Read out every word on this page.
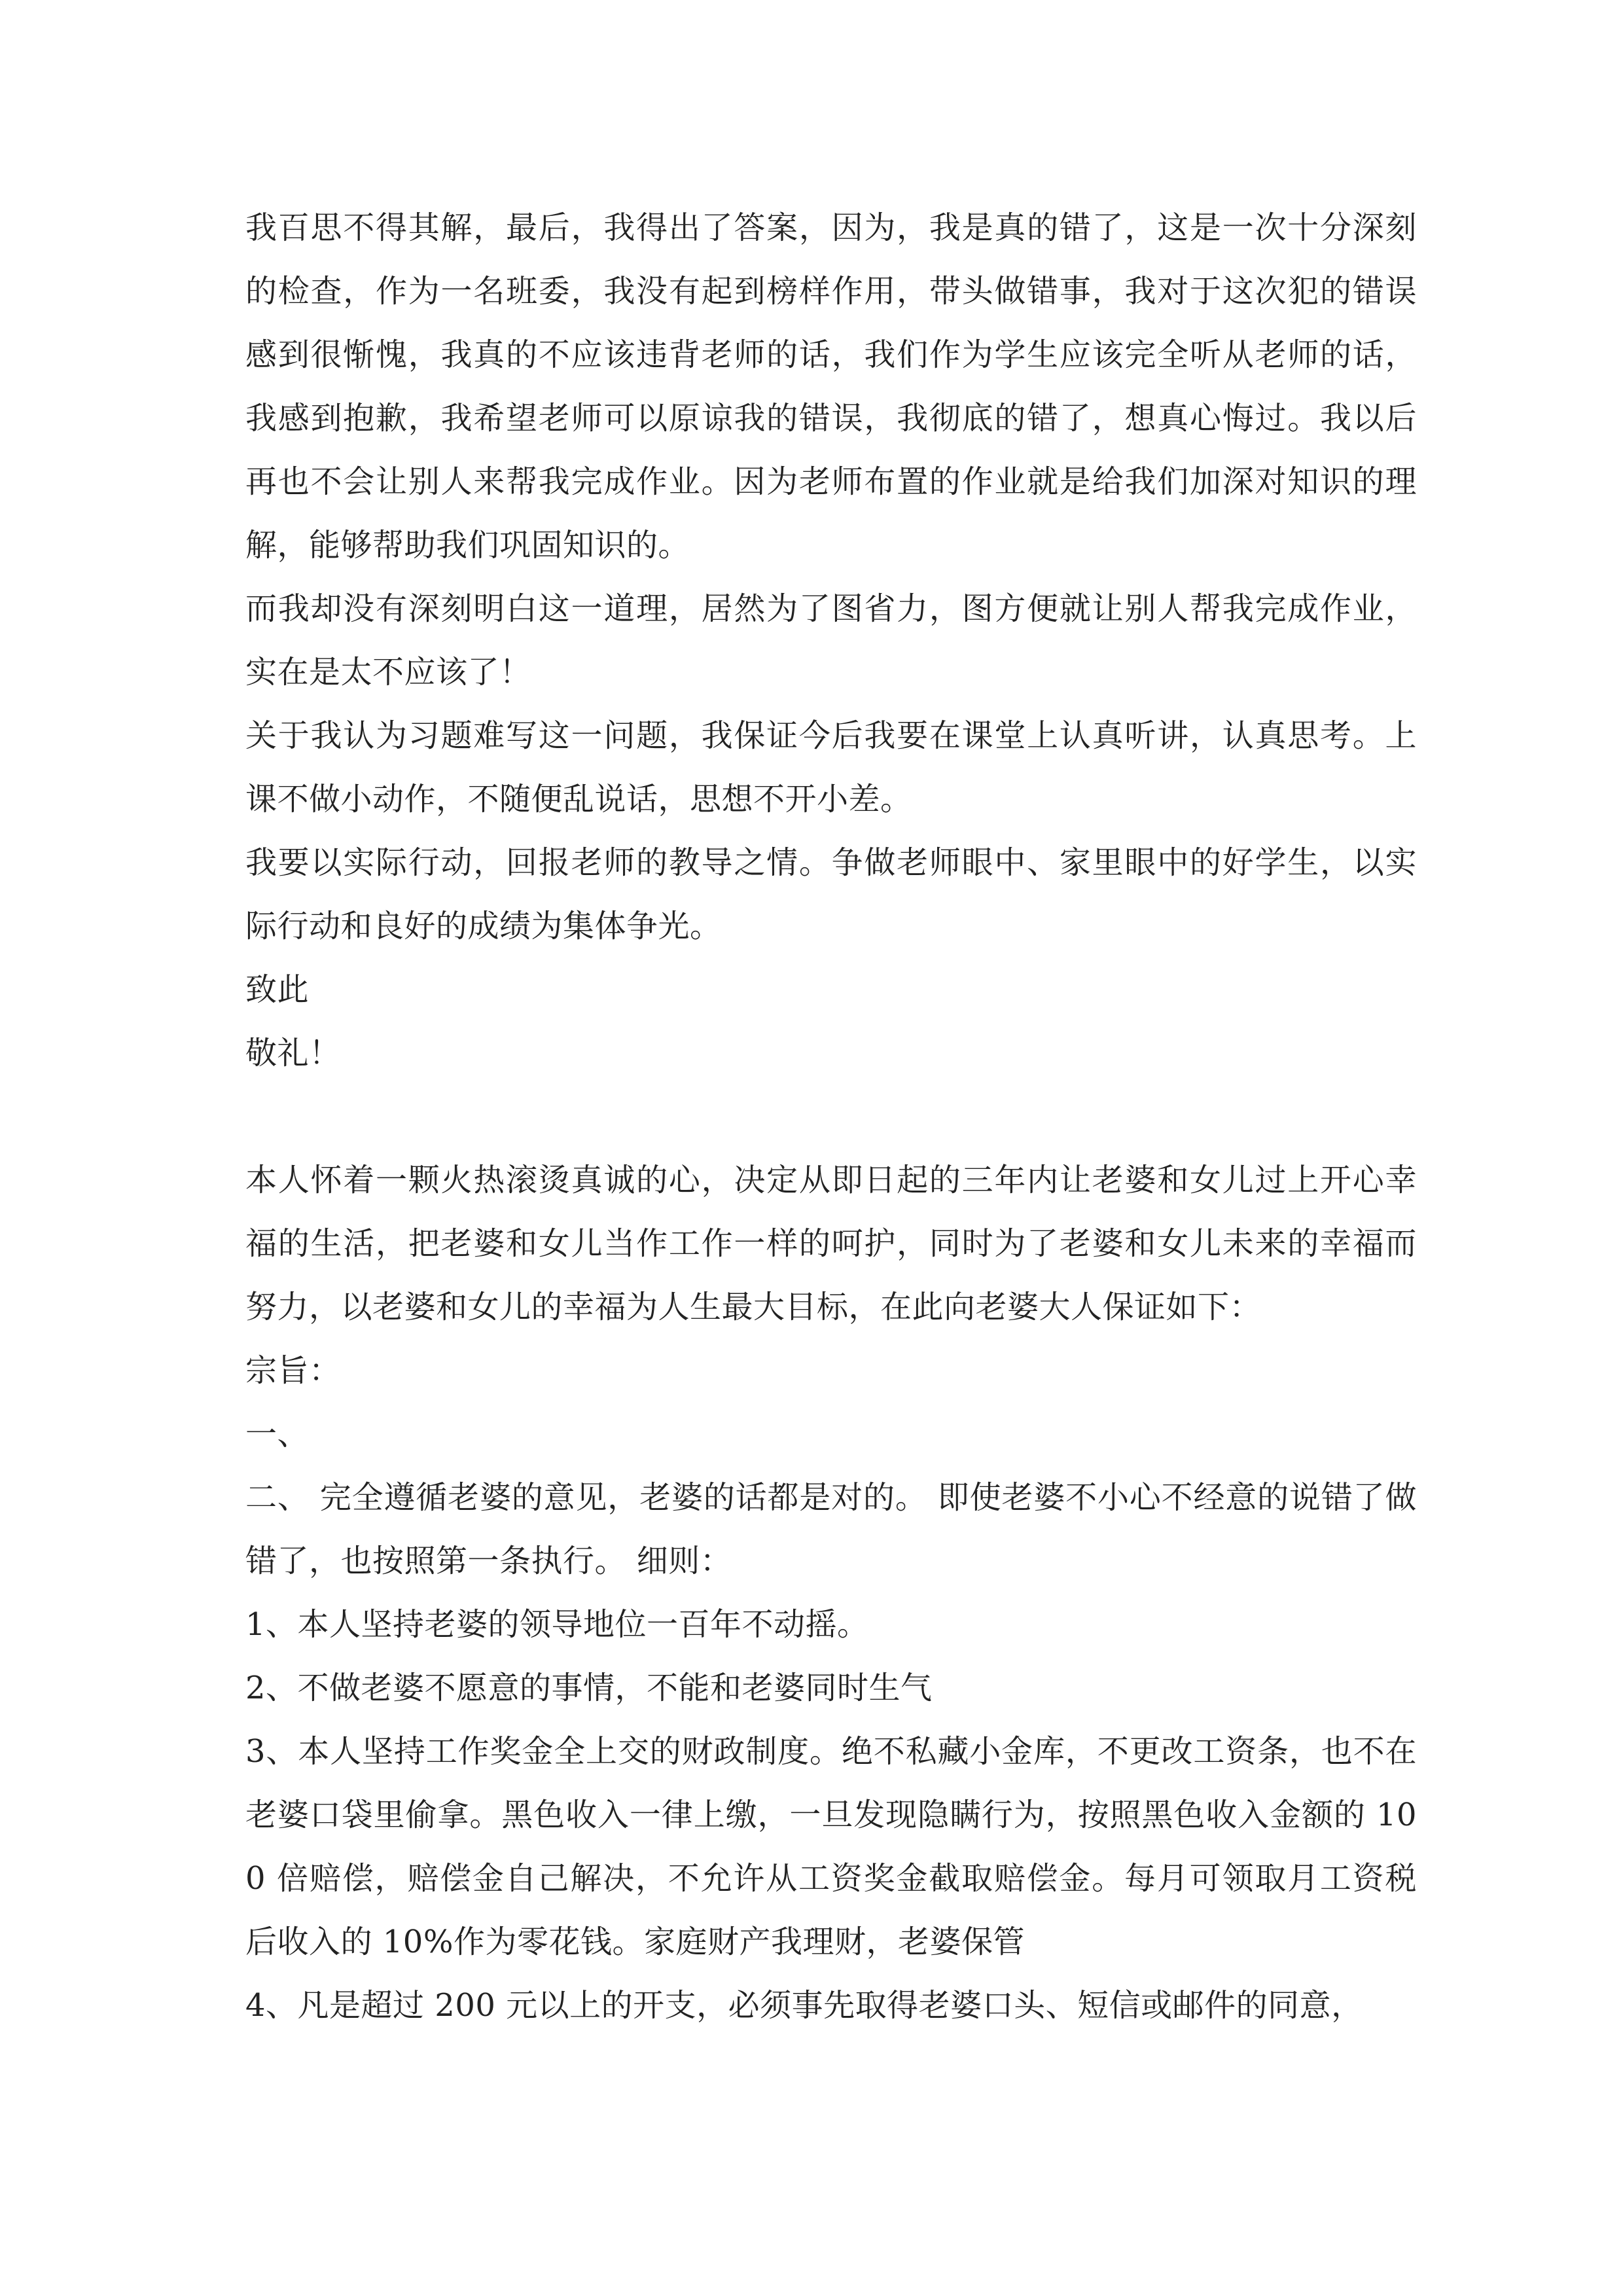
我百思不得其解，最后，我得出了答案，因为，我是真的错了，这是一次十分深刻的检查，作为一名班委，我没有起到榜样作用，带头做错事，我对于这次犯的错误感到很惭愧，我真的不应该违背老师的话，我们作为学生应该完全听从老师的话，我感到抱歉，我希望老师可以原谅我的错误，我彻底的错了，想真心悔过。我以后再也不会让别人来帮我完成作业。因为老师布置的作业就是给我们加深对知识的理解，能够帮助我们巩固知识的。

而我却没有深刻明白这一道理，居然为了图省力，图方便就让别人帮我完成作业，实在是太不应该了！

关于我认为习题难写这一问题，我保证今后我要在课堂上认真听讲，认真思考。上课不做小动作，不随便乱说话，思想不开小差。

我要以实际行动，回报老师的教导之情。争做老师眼中、家里眼中的好学生，以实际行动和良好的成绩为集体争光。

致此

敬礼！

本人怀着一颗火热滚烫真诚的心，决定从即日起的三年内让老婆和女儿过上开心幸福的生活，把老婆和女儿当作工作一样的呵护，同时为了老婆和女儿未来的幸福而努力，以老婆和女儿的幸福为人生最大目标，在此向老婆大人保证如下：

宗旨：

一、

二、 完全遵循老婆的意见，老婆的话都是对的。 即使老婆不小心不经意的说错了做错了，也按照第一条执行。 细则：

1、本人坚持老婆的领导地位一百年不动摇。

2、不做老婆不愿意的事情，不能和老婆同时生气

3、本人坚持工作奖金全上交的财政制度。绝不私藏小金库，不更改工资条，也不在老婆口袋里偷拿。黑色收入一律上缴，一旦发现隐瞒行为，按照黑色收入金额的 100 倍赔偿，赔偿金自己解决，不允许从工资奖金截取赔偿金。每月可领取月工资税后收入的 10%作为零花钱。家庭财产我理财，老婆保管

4、凡是超过 200 元以上的开支，必须事先取得老婆口头、短信或邮件的同意，
